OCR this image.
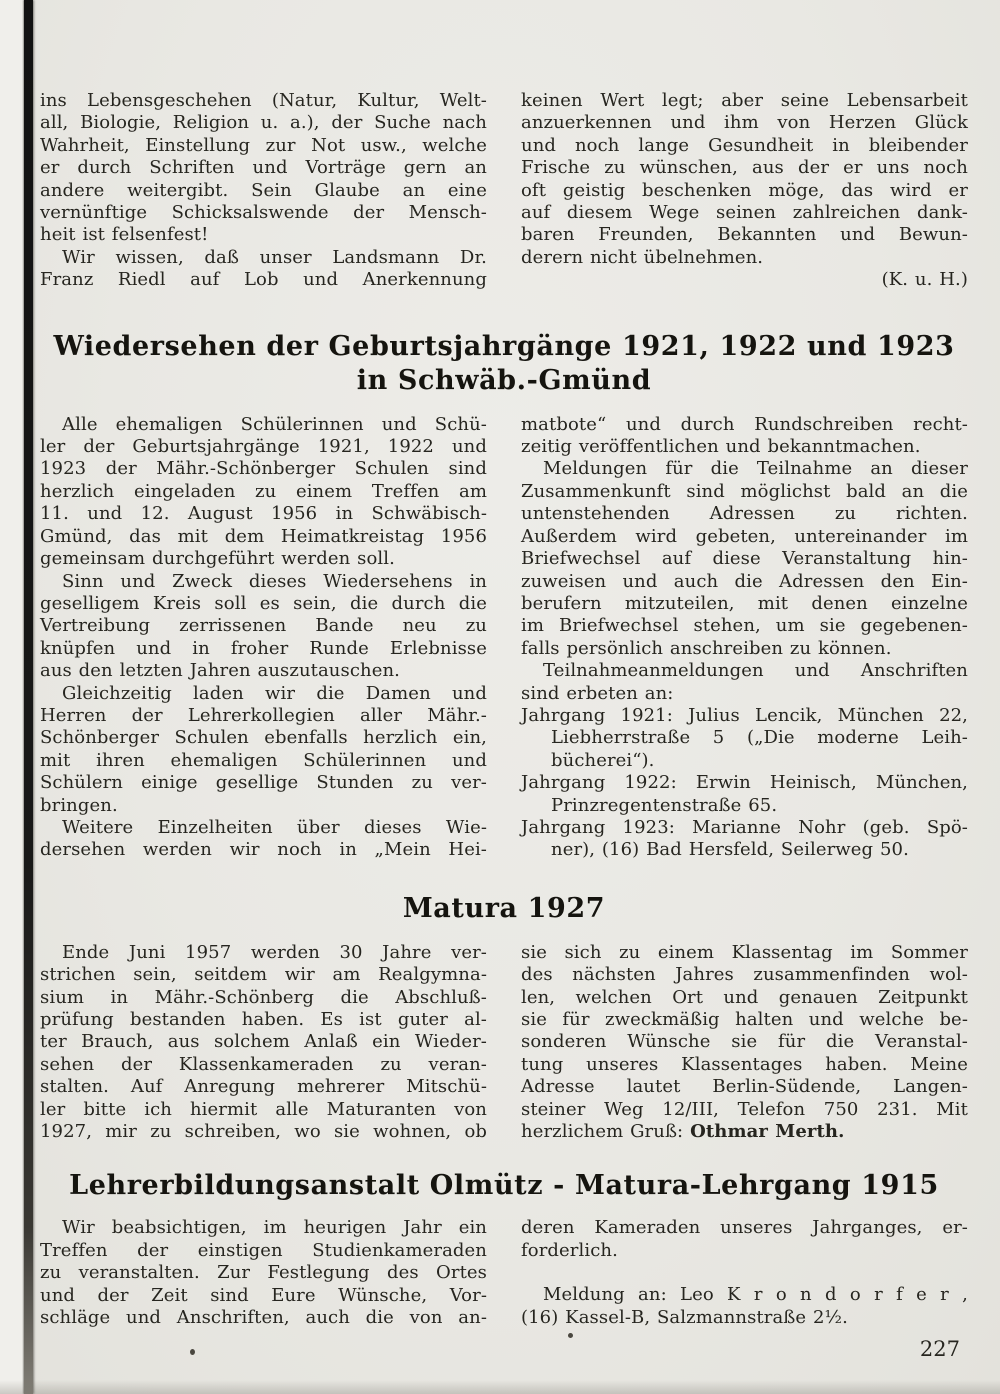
ins Lebensgeschehen (Natur, Kultur, Welt-
all, Biologie, Religion u. a.), der Suche nach
Wahrheit, Einstellung zur Not usw., welche
er durch Schriften und Vorträge gern an
andere weitergibt. Sein Glaube an eine
vernünftige Schicksalswende der Mensch-
heit ist felsenfest!
Wir wissen, daß unser Landsmann Dr.
Franz Riedl auf Lob und Anerkennung
keinen Wert legt; aber seine Lebensarbeit
anzuerkennen und ihm von Herzen Glück
und noch lange Gesundheit in bleibender
Frische zu wünschen, aus der er uns noch
oft geistig beschenken möge, das wird er
auf diesem Wege seinen zahlreichen dank-
baren Freunden, Bekannten und Bewun-
derern nicht übelnehmen.
(K. u. H.)
Wiedersehen der Geburtsjahrgänge 1921, 1922 und 1923
in Schwäb.-Gmünd
Alle ehemaligen Schülerinnen und Schü-
ler der Geburtsjahrgänge 1921, 1922 und
1923 der Mähr.-Schönberger Schulen sind
herzlich eingeladen zu einem Treffen am
11. und 12. August 1956 in Schwäbisch-
Gmünd, das mit dem Heimatkreistag 1956
gemeinsam durchgeführt werden soll.
Sinn und Zweck dieses Wiedersehens in
geselligem Kreis soll es sein, die durch die
Vertreibung zerrissenen Bande neu zu
knüpfen und in froher Runde Erlebnisse
aus den letzten Jahren auszutauschen.
Gleichzeitig laden wir die Damen und
Herren der Lehrerkollegien aller Mähr.-
Schönberger Schulen ebenfalls herzlich ein,
mit ihren ehemaligen Schülerinnen und
Schülern einige gesellige Stunden zu ver-
bringen.
Weitere Einzelheiten über dieses Wie-
dersehen werden wir noch in „Mein Hei-
matbote“ und durch Rundschreiben recht-
zeitig veröffentlichen und bekanntmachen.
Meldungen für die Teilnahme an dieser
Zusammenkunft sind möglichst bald an die
untenstehenden Adressen zu richten.
Außerdem wird gebeten, untereinander im
Briefwechsel auf diese Veranstaltung hin-
zuweisen und auch die Adressen den Ein-
berufern mitzuteilen, mit denen einzelne
im Briefwechsel stehen, um sie gegebenen-
falls persönlich anschreiben zu können.
Teilnahmeanmeldungen und Anschriften
sind erbeten an:
Jahrgang 1921: Julius Lencik, München 22,
Liebherrstraße 5 („Die moderne Leih-
bücherei“).
Jahrgang 1922: Erwin Heinisch, München,
Prinzregentenstraße 65.
Jahrgang 1923: Marianne Nohr (geb. Spö-
ner), (16) Bad Hersfeld, Seilerweg 50.
Matura 1927
Ende Juni 1957 werden 30 Jahre ver-
strichen sein, seitdem wir am Realgymna-
sium in Mähr.-Schönberg die Abschluß-
prüfung bestanden haben. Es ist guter al-
ter Brauch, aus solchem Anlaß ein Wieder-
sehen der Klassenkameraden zu veran-
stalten. Auf Anregung mehrerer Mitschü-
ler bitte ich hiermit alle Maturanten von
1927, mir zu schreiben, wo sie wohnen, ob
sie sich zu einem Klassentag im Sommer
des nächsten Jahres zusammenfinden wol-
len, welchen Ort und genauen Zeitpunkt
sie für zweckmäßig halten und welche be-
sonderen Wünsche sie für die Veranstal-
tung unseres Klassentages haben. Meine
Adresse lautet Berlin-Südende, Langen-
steiner Weg 12/III, Telefon 750 231. Mit
herzlichem Gruß: Othmar Merth.
Lehrerbildungsanstalt Olmütz - Matura-Lehrgang 1915
Wir beabsichtigen, im heurigen Jahr ein
Treffen der einstigen Studienkameraden
zu veranstalten. Zur Festlegung des Ortes
und der Zeit sind Eure Wünsche, Vor-
schläge und Anschriften, auch die von an-
deren Kameraden unseres Jahrganges, er-
forderlich.
Meldung an: Leo K r o n d o r f e r ,
(16) Kassel-B, Salzmannstraße 2½.
227
